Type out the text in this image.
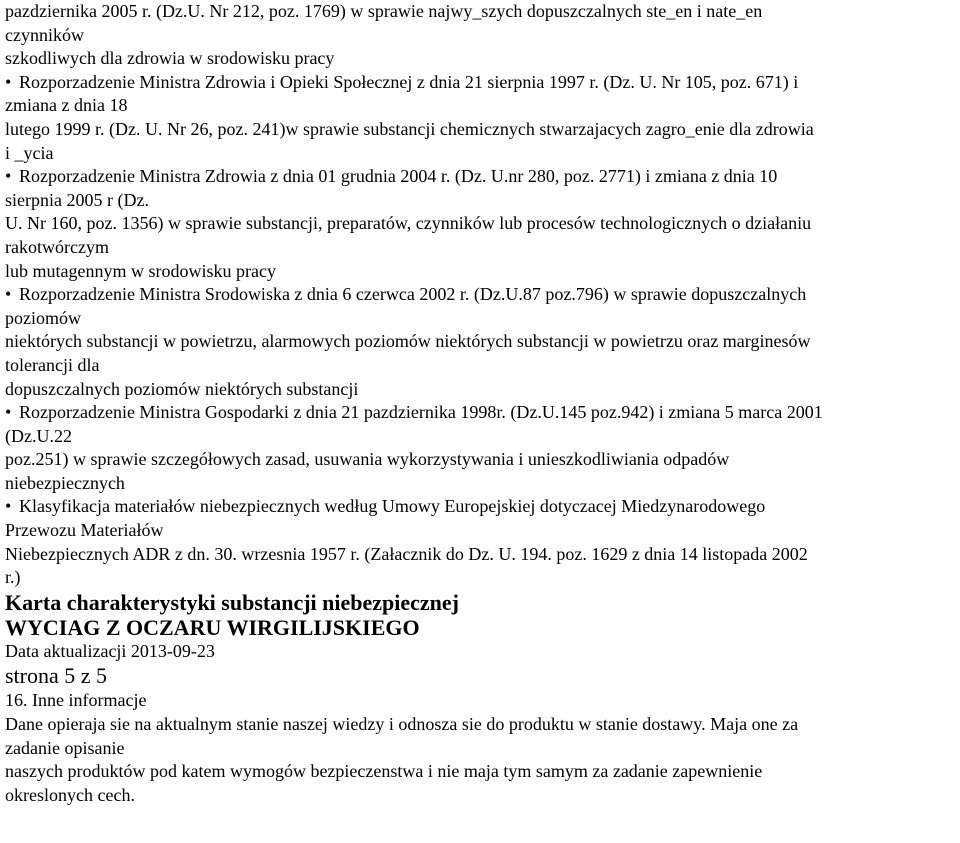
pazdziernika 2005 r. (Dz.U. Nr 212, poz. 1769) w sprawie najwy_szych dopuszczalnych ste_en i nate_en
czynników
szkodliwych dla zdrowia w srodowisku pracy
• Rozporzadzenie Ministra Zdrowia i Opieki Społecznej z dnia 21 sierpnia 1997 r. (Dz. U. Nr 105, poz. 671) i
zmiana z dnia 18
lutego 1999 r. (Dz. U. Nr 26, poz. 241)w sprawie substancji chemicznych stwarzajacych zagro_enie dla zdrowia
i _ycia
• Rozporzadzenie Ministra Zdrowia z dnia 01 grudnia 2004 r. (Dz. U.nr 280, poz. 2771) i zmiana z dnia 10
sierpnia 2005 r (Dz.
U. Nr 160, poz. 1356) w sprawie substancji, preparatów, czynników lub procesów technologicznych o działaniu
rakotwórczym
lub mutagennym w srodowisku pracy
• Rozporzadzenie Ministra Srodowiska z dnia 6 czerwca 2002 r. (Dz.U.87 poz.796) w sprawie dopuszczalnych
poziomów
niektórych substancji w powietrzu, alarmowych poziomów niektórych substancji w powietrzu oraz marginesów
tolerancji dla
dopuszczalnych poziomów niektórych substancji
• Rozporzadzenie Ministra Gospodarki z dnia 21 pazdziernika 1998r. (Dz.U.145 poz.942) i zmiana 5 marca 2001
(Dz.U.22
poz.251) w sprawie szczegółowych zasad, usuwania wykorzystywania i unieszkodliwiania odpadów
niebezpiecznych
• Klasyfikacja materiałów niebezpiecznych według Umowy Europejskiej dotyczacej Miedzynarodowego
Przewozu Materiałów
Niebezpiecznych ADR z dn. 30. wrzesnia 1957 r. (Załacznik do Dz. U. 194. poz. 1629 z dnia 14 listopada 2002
r.)
Karta charakterystyki substancji niebezpiecznej
WYCIAG Z OCZARU WIRGILIJSKIEGO
Data aktualizacji 2013-09-23
strona 5 z 5
16. Inne informacje
Dane opieraja sie na aktualnym stanie naszej wiedzy i odnosza sie do produktu w stanie dostawy. Maja one za
zadanie opisanie
naszych produktów pod katem wymogów bezpieczenstwa i nie maja tym samym za zadanie zapewnienie
okreslonych cech.
